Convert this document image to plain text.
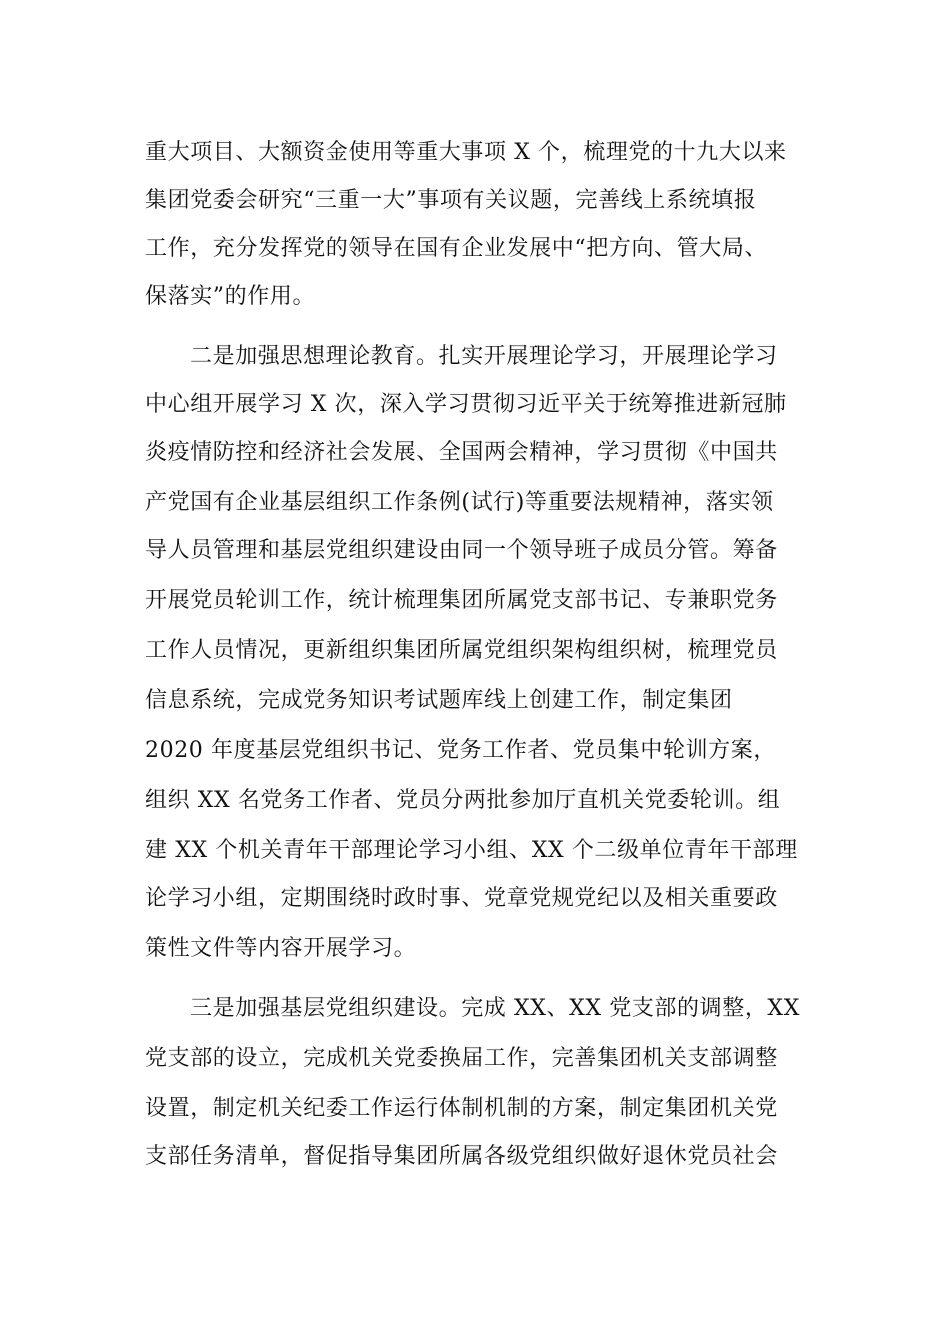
重大项目、大额资金使用等重大事项 X 个，梳理党的十九大以来
集团党委会研究“三重一大”事项有关议题，完善线上系统填报
工作，充分发挥党的领导在国有企业发展中“把方向、管大局、
保落实”的作用。
二是加强思想理论教育。扎实开展理论学习，开展理论学习
中心组开展学习 X 次，深入学习贯彻习近平关于统筹推进新冠肺
炎疫情防控和经济社会发展、全国两会精神，学习贯彻《中国共
产党国有企业基层组织工作条例(试行)等重要法规精神，落实领
导人员管理和基层党组织建设由同一个领导班子成员分管。筹备
开展党员轮训工作，统计梳理集团所属党支部书记、专兼职党务
工作人员情况，更新组织集团所属党组织架构组织树，梳理党员
信息系统，完成党务知识考试题库线上创建工作，制定集团
2020 年度基层党组织书记、党务工作者、党员集中轮训方案，
组织 XX 名党务工作者、党员分两批参加厅直机关党委轮训。组
建 XX 个机关青年干部理论学习小组、XX 个二级单位青年干部理
论学习小组，定期围绕时政时事、党章党规党纪以及相关重要政
策性文件等内容开展学习。
三是加强基层党组织建设。完成 XX、XX 党支部的调整，XX
党支部的设立，完成机关党委换届工作，完善集团机关支部调整
设置，制定机关纪委工作运行体制机制的方案，制定集团机关党
支部任务清单，督促指导集团所属各级党组织做好退休党员社会
